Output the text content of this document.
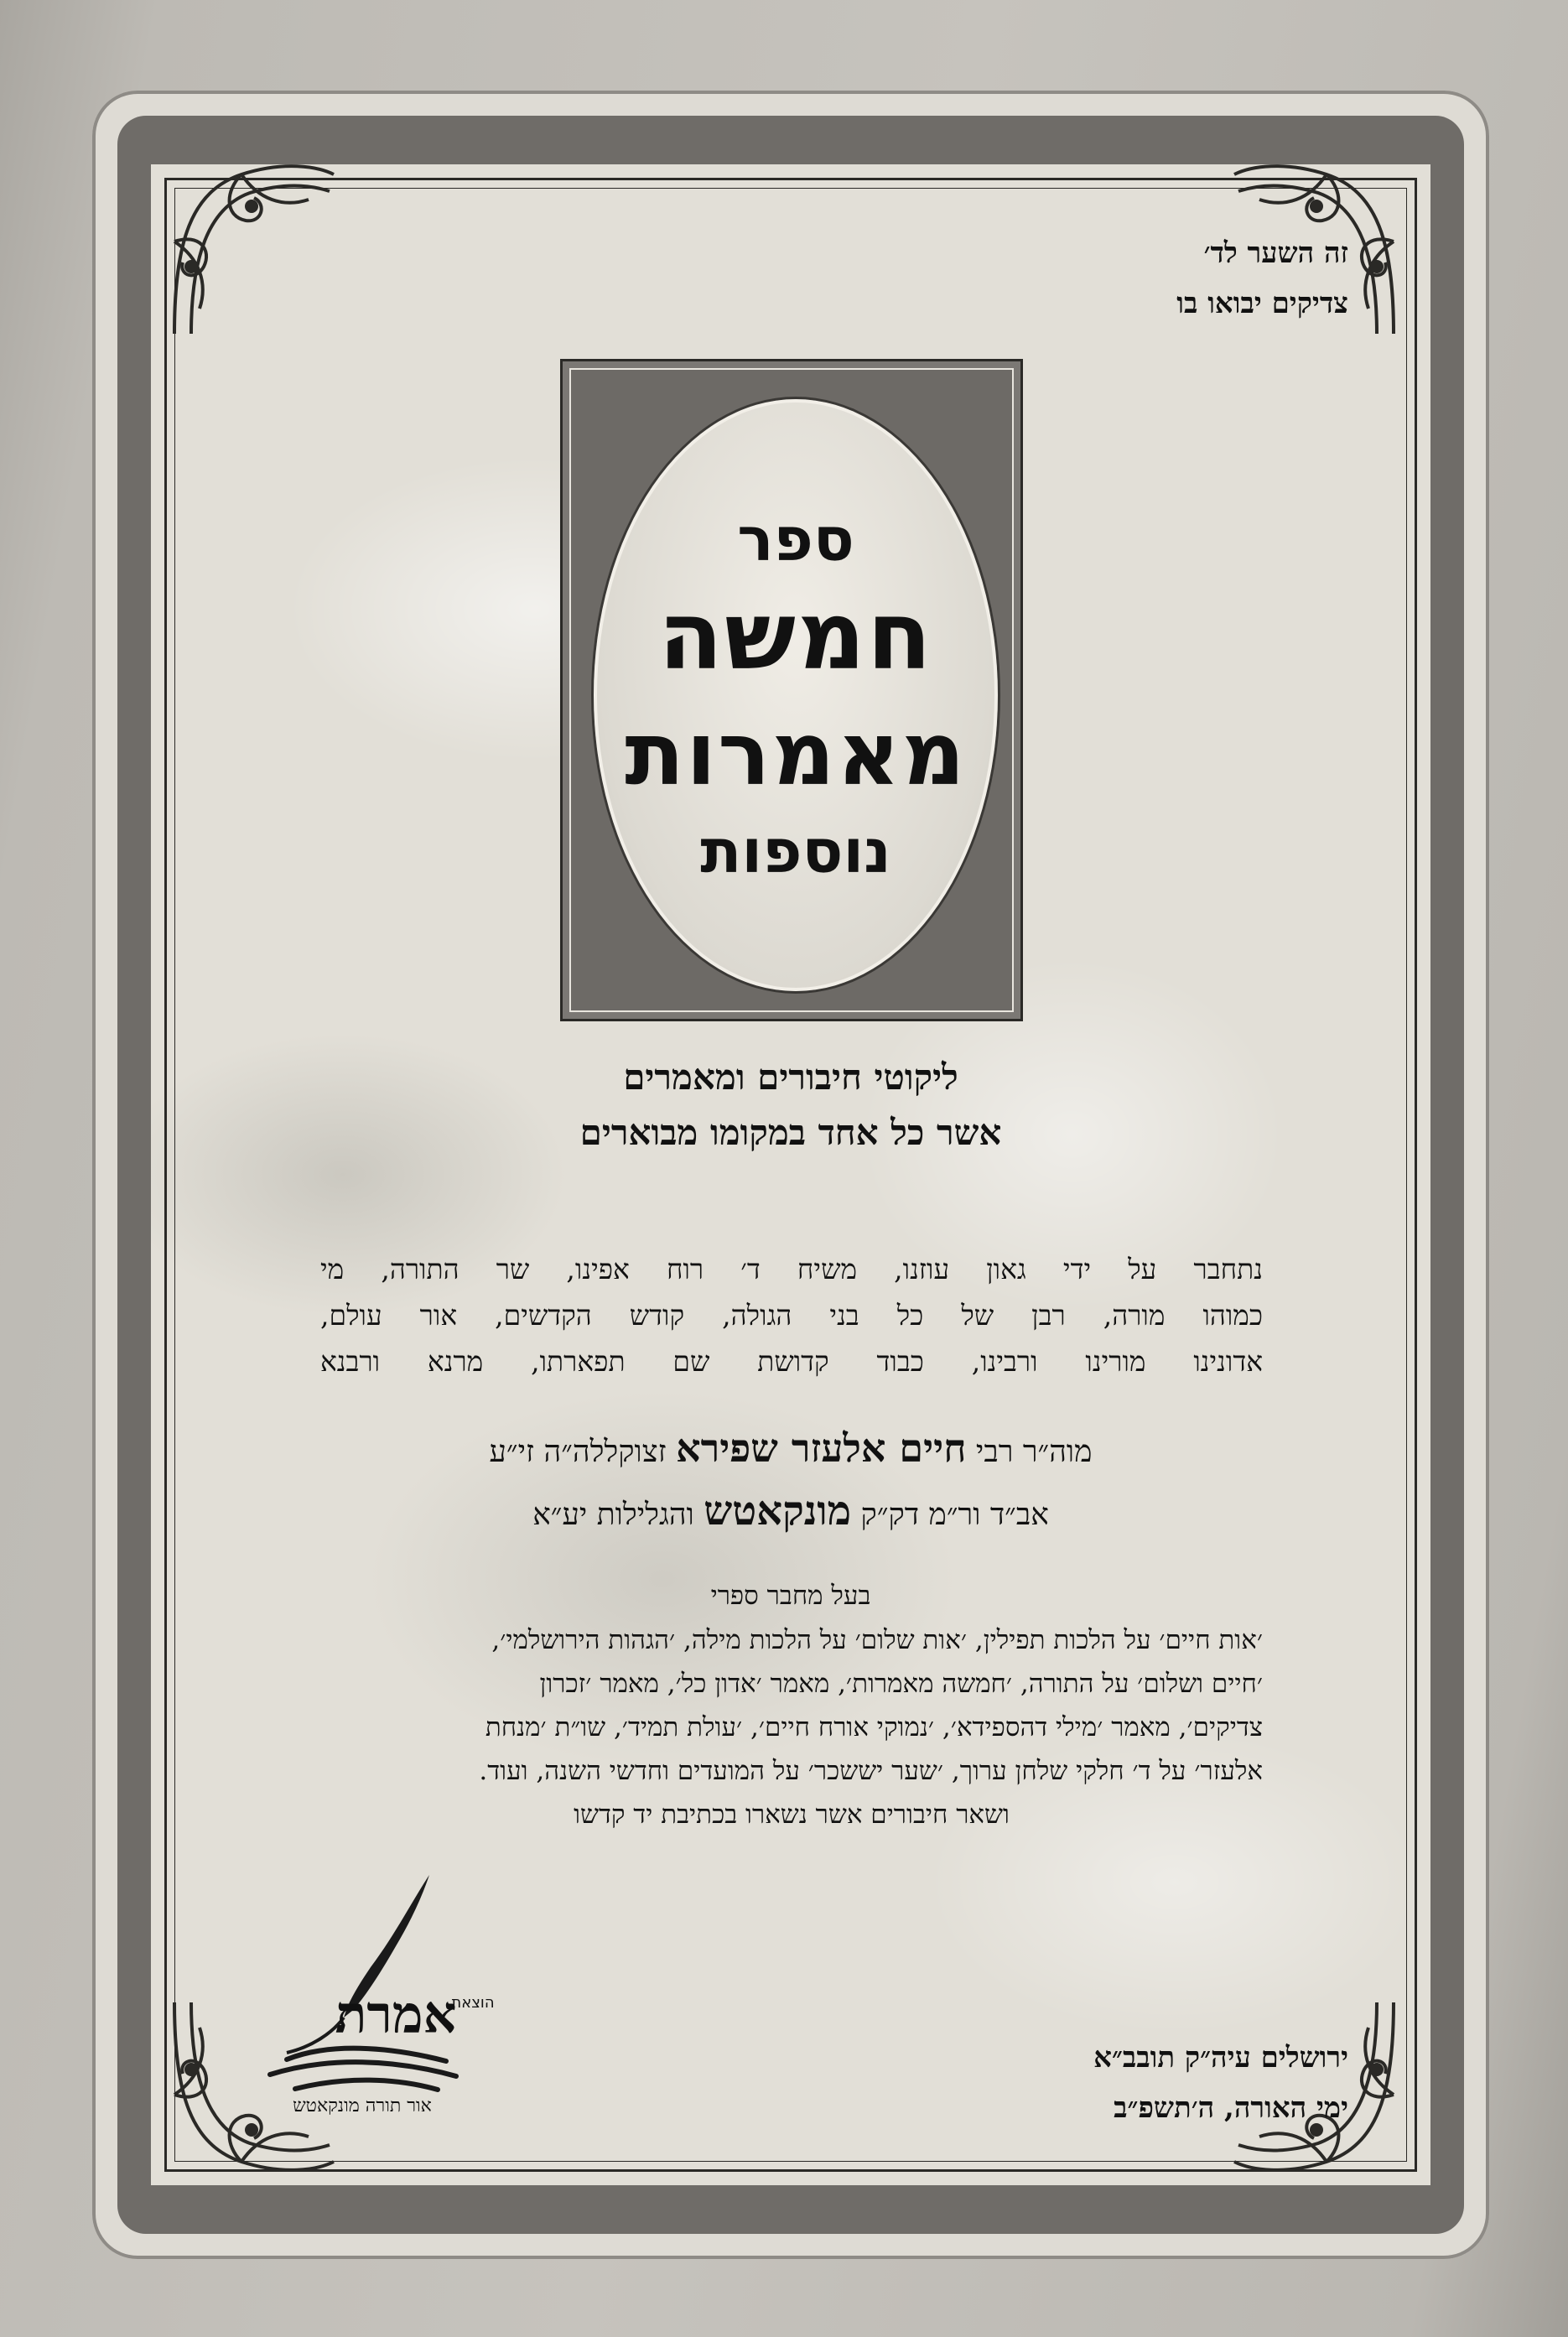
זה השער לד׳
צדיקים יבואו בו
ספר
חמשה
מאמרות
נוספות
ליקוטי חיבורים ומאמרים
אשר כל אחד במקומו מבוארים
נתחבר על ידי גאון עוזנו, משיח ד׳ רוח אפינו, שר התורה, מי
כמוהו מורה, רבן של כל בני הגולה, קודש הקדשים, אור עולם,
אדונינו מורינו ורבינו, כבוד קדושת שם תפארתו, מרנא ורבנא
מוה״ר רבי חיים אלעזר שפירא זצוקללה״ה זי״ע
אב״ד ור״מ דק״ק מונקאטש והגלילות יע״א
בעל מחבר ספרי
׳אות חיים׳ על הלכות תפילין, ׳אות שלום׳ על הלכות מילה, ׳הגהות הירושלמי׳,
׳חיים ושלום׳ על התורה, ׳חמשה מאמרות׳, מאמר ׳אדון כל׳, מאמר ׳זכרון
צדיקים׳, מאמר ׳מילי דהספידא׳, ׳נמוקי אורח חיים׳, ׳עולת תמיד׳, שו״ת ׳מנחת
אלעזר׳ על ד׳ חלקי שלחן ערוך, ׳שער יששכר׳ על המועדים וחדשי השנה, ועוד.
ושאר חיבורים אשר נשארו בכתיבת יד קדשו
אמרת
הוצאת
אור תורה מונקאטש
ירושלים עיה״ק תובב״א
ימי האורה, ה׳תשפ״ב
